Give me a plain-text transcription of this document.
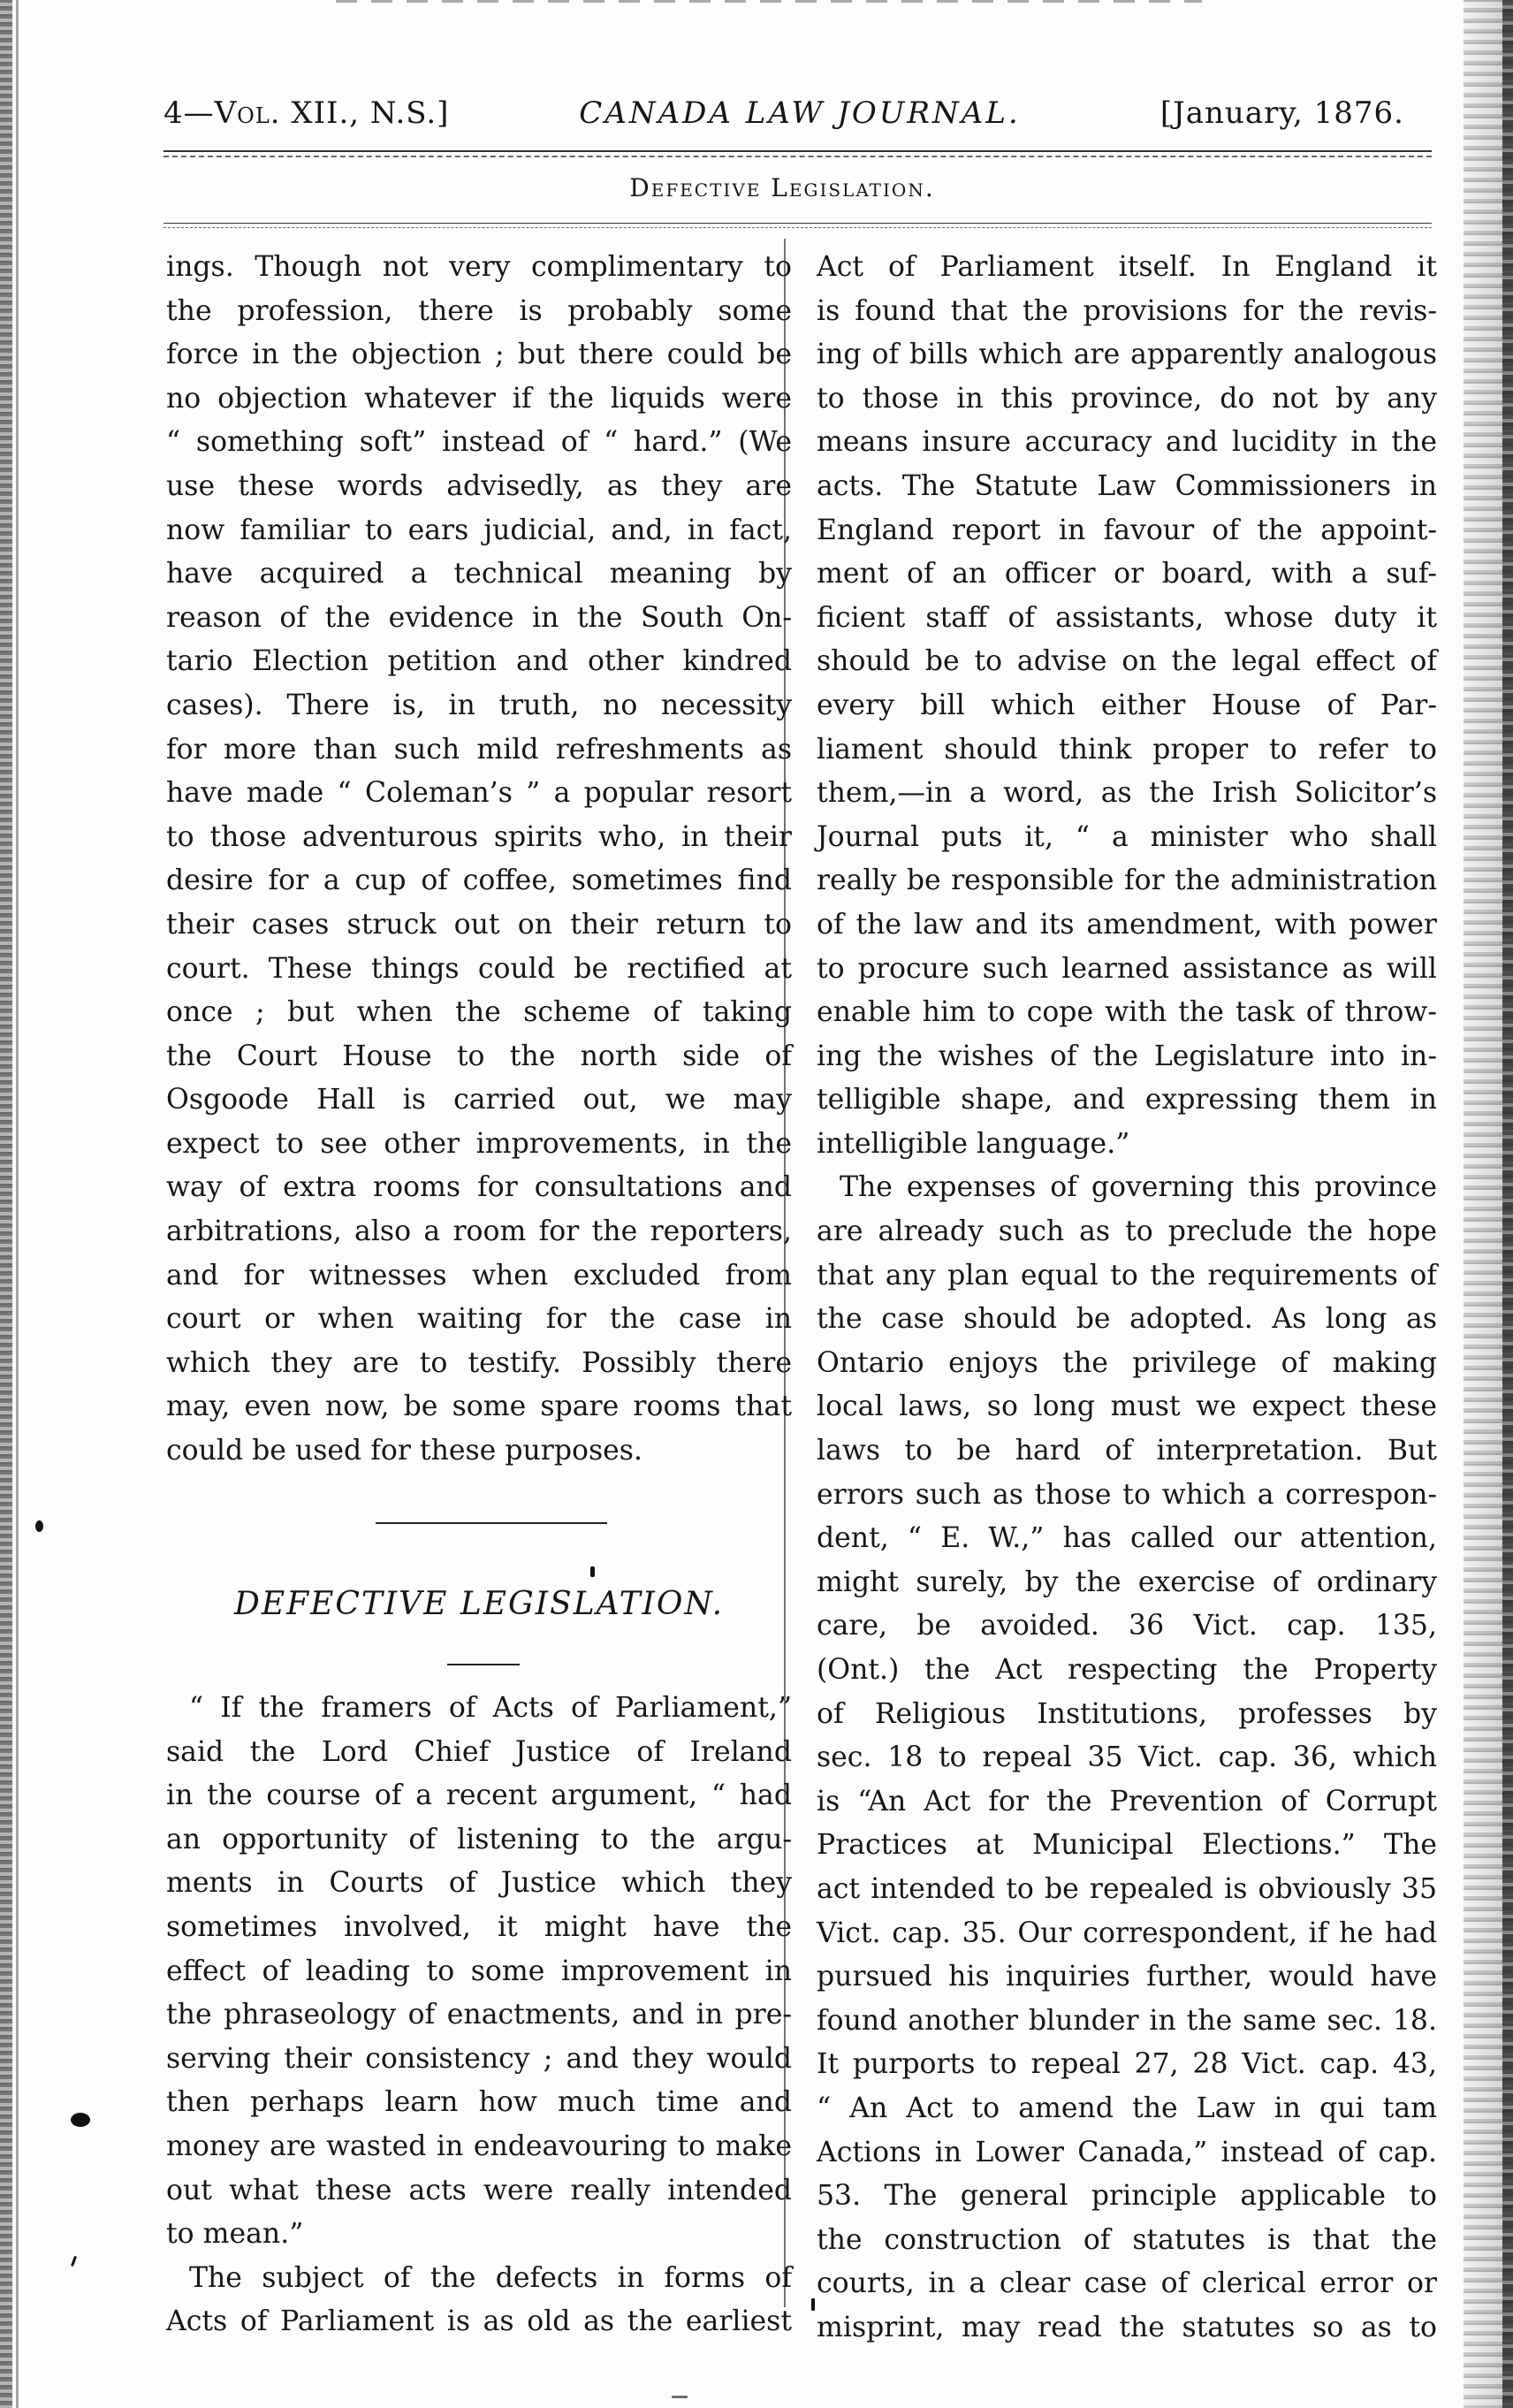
4—Vol. XII., N.S.]	CANADA LAW JOURNAL.	[January, 1876.
Defective Legislation.
ings. Though not very complimentary to
the profession, there is probably some
force in the objection ; but there could be
no objection whatever if the liquids were
“ something soft” instead of “ hard.” (We
use these words advisedly, as they are
now familiar to ears judicial, and, in fact,
have acquired a technical meaning by
reason of the evidence in the South On-
tario Election petition and other kindred
cases). There is, in truth, no necessity
for more than such mild refreshments as
have made “ Coleman’s ” a popular resort
to those adventurous spirits who, in their
desire for a cup of coffee, sometimes find
their cases struck out on their return to
court. These things could be rectified at
once ; but when the scheme of taking
the Court House to the north side of
Osgoode Hall is carried out, we may
expect to see other improvements, in the
way of extra rooms for consultations and
arbitrations, also a room for the reporters,
and for witnesses when excluded from
court or when waiting for the case in
which they are to testify. Possibly there
may, even now, be some spare rooms that
could be used for these purposes.
DEFECTIVE LEGISLATION.
“ If the framers of Acts of Parliament,”
said the Lord Chief Justice of Ireland
in the course of a recent argument, “ had
an opportunity of listening to the argu-
ments in Courts of Justice which they
sometimes involved, it might have the
effect of leading to some improvement in
the phraseology of enactments, and in pre-
serving their consistency ; and they would
then perhaps learn how much time and
money are wasted in endeavouring to make
out what these acts were really intended
to mean.”
The subject of the defects in forms of
Acts of Parliament is as old as the earliest
Act of Parliament itself. In England it
is found that the provisions for the revis-
ing of bills which are apparently analogous
to those in this province, do not by any
means insure accuracy and lucidity in the
acts. The Statute Law Commissioners in
England report in favour of the appoint-
ment of an officer or board, with a suf-
ficient staff of assistants, whose duty it
should be to advise on the legal effect of
every bill which either House of Par-
liament should think proper to refer to
them,—in a word, as the Irish Solicitor’s
Journal puts it, “ a minister who shall
really be responsible for the administration
of the law and its amendment, with power
to procure such learned assistance as will
enable him to cope with the task of throw-
ing the wishes of the Legislature into in-
telligible shape, and expressing them in
intelligible language.”
The expenses of governing this province
are already such as to preclude the hope
that any plan equal to the requirements of
the case should be adopted. As long as
Ontario enjoys the privilege of making
local laws, so long must we expect these
laws to be hard of interpretation. But
errors such as those to which a correspon-
dent, “ E. W.,” has called our attention,
might surely, by the exercise of ordinary
care, be avoided. 36 Vict. cap. 135,
(Ont.) the Act respecting the Property
of Religious Institutions, professes by
sec. 18 to repeal 35 Vict. cap. 36, which
is “An Act for the Prevention of Corrupt
Practices at Municipal Elections.” The
act intended to be repealed is obviously 35
Vict. cap. 35. Our correspondent, if he had
pursued his inquiries further, would have
found another blunder in the same sec. 18.
It purports to repeal 27, 28 Vict. cap. 43,
“ An Act to amend the Law in qui tam
Actions in Lower Canada,” instead of cap.
53. The general principle applicable to
the construction of statutes is that the
courts, in a clear case of clerical error or
misprint, may read the statutes so as to
